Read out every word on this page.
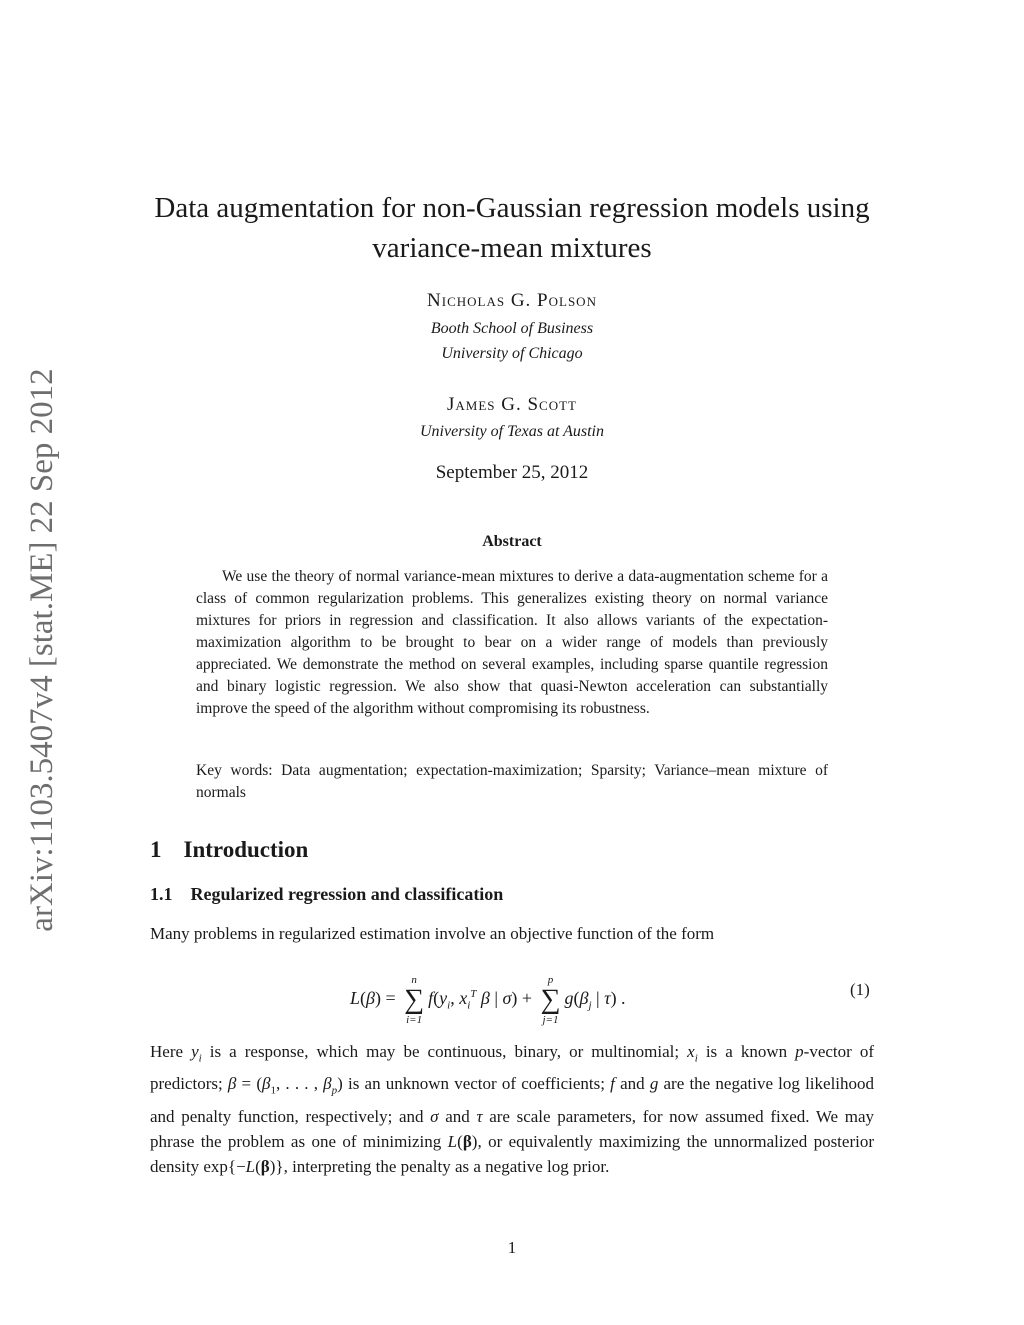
arXiv:1103.5407v4 [stat.ME] 22 Sep 2012
Data augmentation for non-Gaussian regression models using
variance-mean mixtures
Nicholas G. Polson
Booth School of Business
University of Chicago
James G. Scott
University of Texas at Austin
September 25, 2012
Abstract
We use the theory of normal variance-mean mixtures to derive a data-augmentation scheme for a class of common regularization problems. This generalizes existing theory on normal variance mixtures for priors in regression and classification. It also allows variants of the expectation-maximization algorithm to be brought to bear on a wider range of models than previously appreciated. We demonstrate the method on several examples, including sparse quantile regression and binary logistic regression. We also show that quasi-Newton acceleration can substantially improve the speed of the algorithm without compromising its robustness.
Key words: Data augmentation; expectation-maximization; Sparsity; Variance–mean mixture of normals
1 Introduction
1.1 Regularized regression and classification
Many problems in regularized estimation involve an objective function of the form
L(β) =
n
∑
i=1
$f(y_i$, $x_i^T$ β | σ) +
p
∑
j=1
$g(\beta_j$ | τ) .	(1)
Here $y_i$ is a response, which may be continuous, binary, or multinomial; $x_i$ is a known p-vector of predictors; $\beta = (\beta_1$, . . . , $\beta_p$) is an unknown vector of coefficients; f and g are the negative log likelihood and penalty function, respectively; and σ and τ are scale parameters, for now assumed fixed. We may phrase the problem as one of minimizing L(β), or equivalently maximizing the unnormalized posterior density exp{−L(β)}, interpreting the penalty as a negative log prior.
1
